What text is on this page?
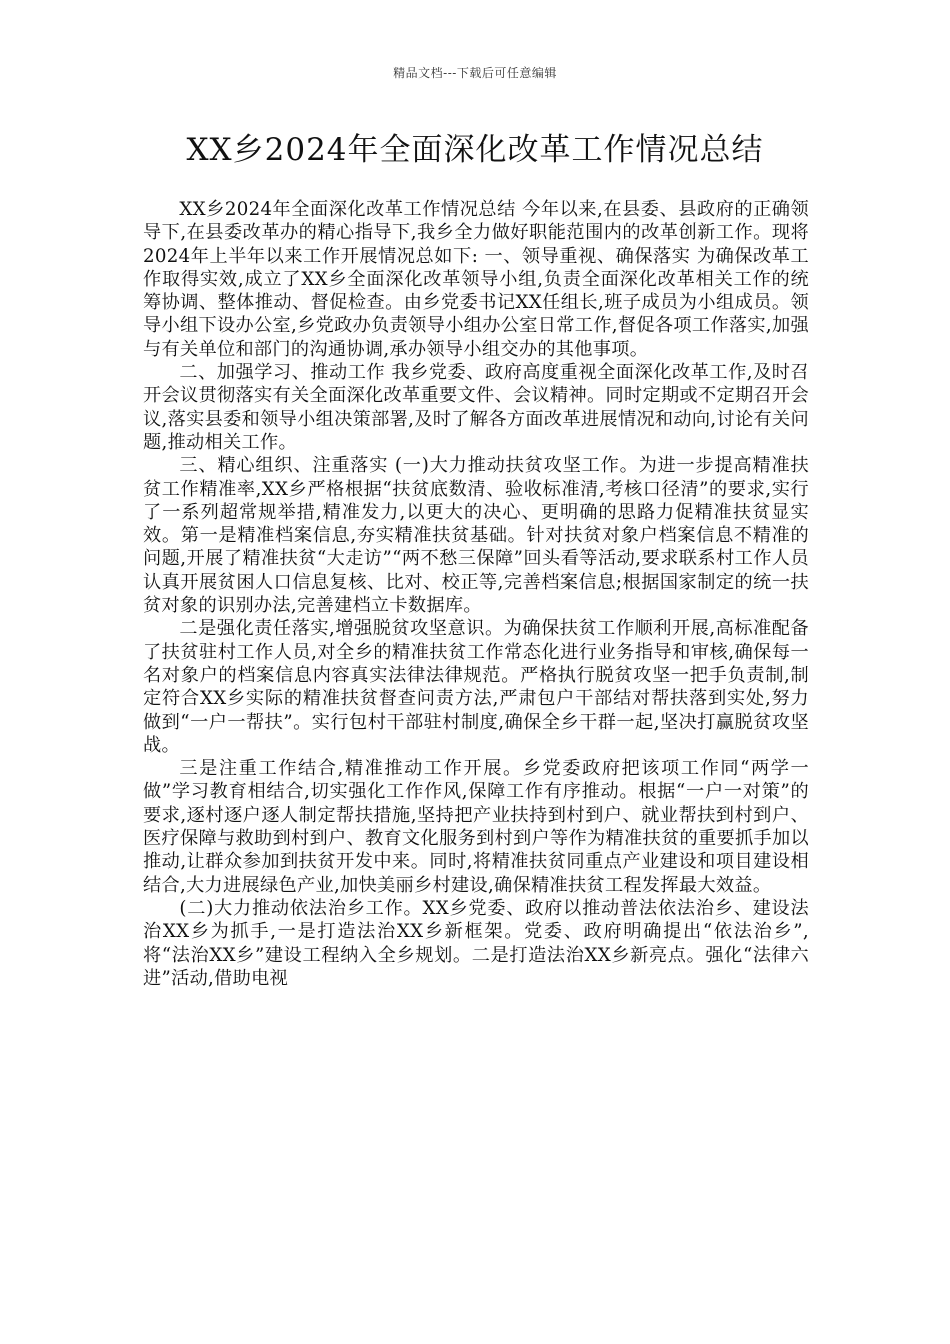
精品文档---下载后可任意编辑
XX乡2024年全面深化改革工作情况总结

XX乡2024年全面深化改革工作情况总结 今年以来,在县委、县政府的正确领导下,在县委改革办的精心指导下,我乡全力做好职能范围内的改革创新工作。现将2024年上半年以来工作开展情况总如下: 一、领导重视、确保落实 为确保改革工作取得实效,成立了XX乡全面深化改革领导小组,负责全面深化改革相关工作的统筹协调、整体推动、督促检查。由乡党委书记XX任组长,班子成员为小组成员。领导小组下设办公室,乡党政办负责领导小组办公室日常工作,督促各项工作落实,加强与有关单位和部门的沟通协调,承办领导小组交办的其他事项。

二、加强学习、推动工作 我乡党委、政府高度重视全面深化改革工作,及时召开会议贯彻落实有关全面深化改革重要文件、会议精神。同时定期或不定期召开会议,落实县委和领导小组决策部署,及时了解各方面改革进展情况和动向,讨论有关问题,推动相关工作。

三、精心组织、注重落实 (一)大力推动扶贫攻坚工作。为进一步提高精准扶贫工作精准率,XX乡严格根据“扶贫底数清、验收标准清,考核口径清”的要求,实行了一系列超常规举措,精准发力,以更大的决心、更明确的思路力促精准扶贫显实效。第一是精准档案信息,夯实精准扶贫基础。针对扶贫对象户档案信息不精准的问题,开展了精准扶贫“大走访”“两不愁三保障”回头看等活动,要求联系村工作人员认真开展贫困人口信息复核、比对、校正等,完善档案信息;根据国家制定的统一扶贫对象的识别办法,完善建档立卡数据库。

二是强化责任落实,增强脱贫攻坚意识。为确保扶贫工作顺利开展,高标准配备了扶贫驻村工作人员,对全乡的精准扶贫工作常态化进行业务指导和审核,确保每一名对象户的档案信息内容真实法律法律规范。严格执行脱贫攻坚一把手负责制,制定符合XX乡实际的精准扶贫督查问责方法,严肃包户干部结对帮扶落到实处,努力做到“一户一帮扶”。实行包村干部驻村制度,确保全乡干群一起,坚决打赢脱贫攻坚战。

三是注重工作结合,精准推动工作开展。乡党委政府把该项工作同“两学一做”学习教育相结合,切实强化工作作风,保障工作有序推动。根据“一户一对策”的要求,逐村逐户逐人制定帮扶措施,坚持把产业扶持到村到户、就业帮扶到村到户、医疗保障与救助到村到户、教育文化服务到村到户等作为精准扶贫的重要抓手加以推动,让群众参加到扶贫开发中来。同时,将精准扶贫同重点产业建设和项目建设相结合,大力进展绿色产业,加快美丽乡村建设,确保精准扶贫工程发挥最大效益。

(二)大力推动依法治乡工作。XX乡党委、政府以推动普法依法治乡、建设法治XX乡为抓手,一是打造法治XX乡新框架。党委、政府明确提出“依法治乡”,将“法治XX乡”建设工程纳入全乡规划。二是打造法治XX乡新亮点。强化“法律六进”活动,借助电视
